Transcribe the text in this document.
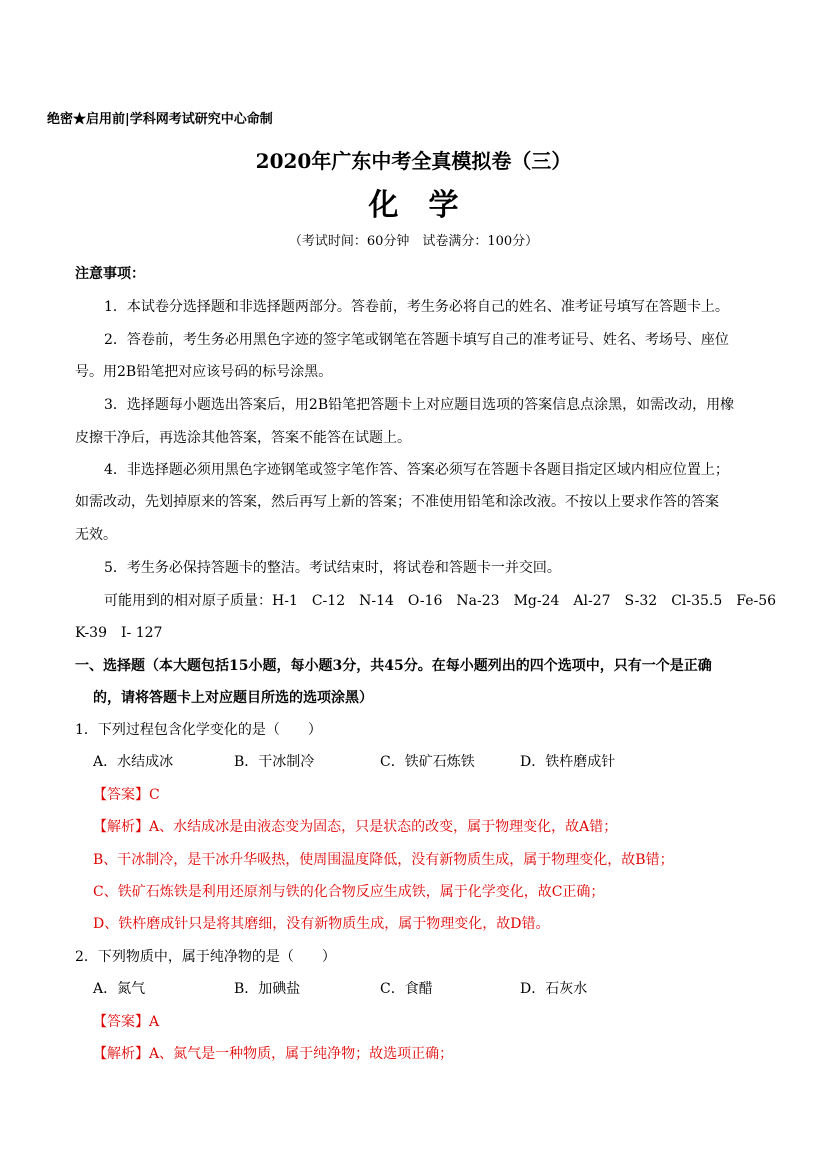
绝密★启用前|学科网考试研究中心命制
2020年广东中考全真模拟卷（三）
化　学
（考试时间：60分钟　试卷满分：100分）
注意事项：
1．本试卷分选择题和非选择题两部分。答卷前，考生务必将自己的姓名、准考证号填写在答题卡上。
2．答卷前，考生务必用黑色字迹的签字笔或钢笔在答题卡填写自己的准考证号、姓名、考场号、座位
号。用2B铅笔把对应该号码的标号涂黑。
3．选择题每小题选出答案后，用2B铅笔把答题卡上对应题目选项的答案信息点涂黑，如需改动，用橡
皮擦干净后，再选涂其他答案，答案不能答在试题上。
4．非选择题必须用黑色字迹钢笔或签字笔作答、答案必须写在答题卡各题目指定区域内相应位置上；
如需改动，先划掉原来的答案，然后再写上新的答案；不准使用铅笔和涂改液。不按以上要求作答的答案
无效。
5．考生务必保持答题卡的整洁。考试结束时，将试卷和答题卡一并交回。
可能用到的相对原子质量：H-1　C-12　N-14　O-16　Na-23　Mg-24　Al-27　S-32　Cl-35.5　Fe-56
K-39　I- 127
一、选择题（本大题包括15小题，每小题3分，共45分。在每小题列出的四个选项中，只有一个是正确
的，请将答题卡上对应题目所选的选项涂黑）
1．下列过程包含化学变化的是（　　）
A．水结成冰	B．干冰制冷	C．铁矿石炼铁	D．铁杵磨成针
【答案】C
【解析】A、水结成冰是由液态变为固态，只是状态的改变，属于物理变化，故A错；
B、干冰制冷，是干冰升华吸热，使周围温度降低，没有新物质生成，属于物理变化，故B错；
C、铁矿石炼铁是利用还原剂与铁的化合物反应生成铁，属于化学变化，故C正确；
D、铁杵磨成针只是将其磨细，没有新物质生成，属于物理变化，故D错。
2．下列物质中，属于纯净物的是（　　）
A．氮气	B．加碘盐	C．食醋	D．石灰水
【答案】A
【解析】A、氮气是一种物质，属于纯净物；故选项正确；
